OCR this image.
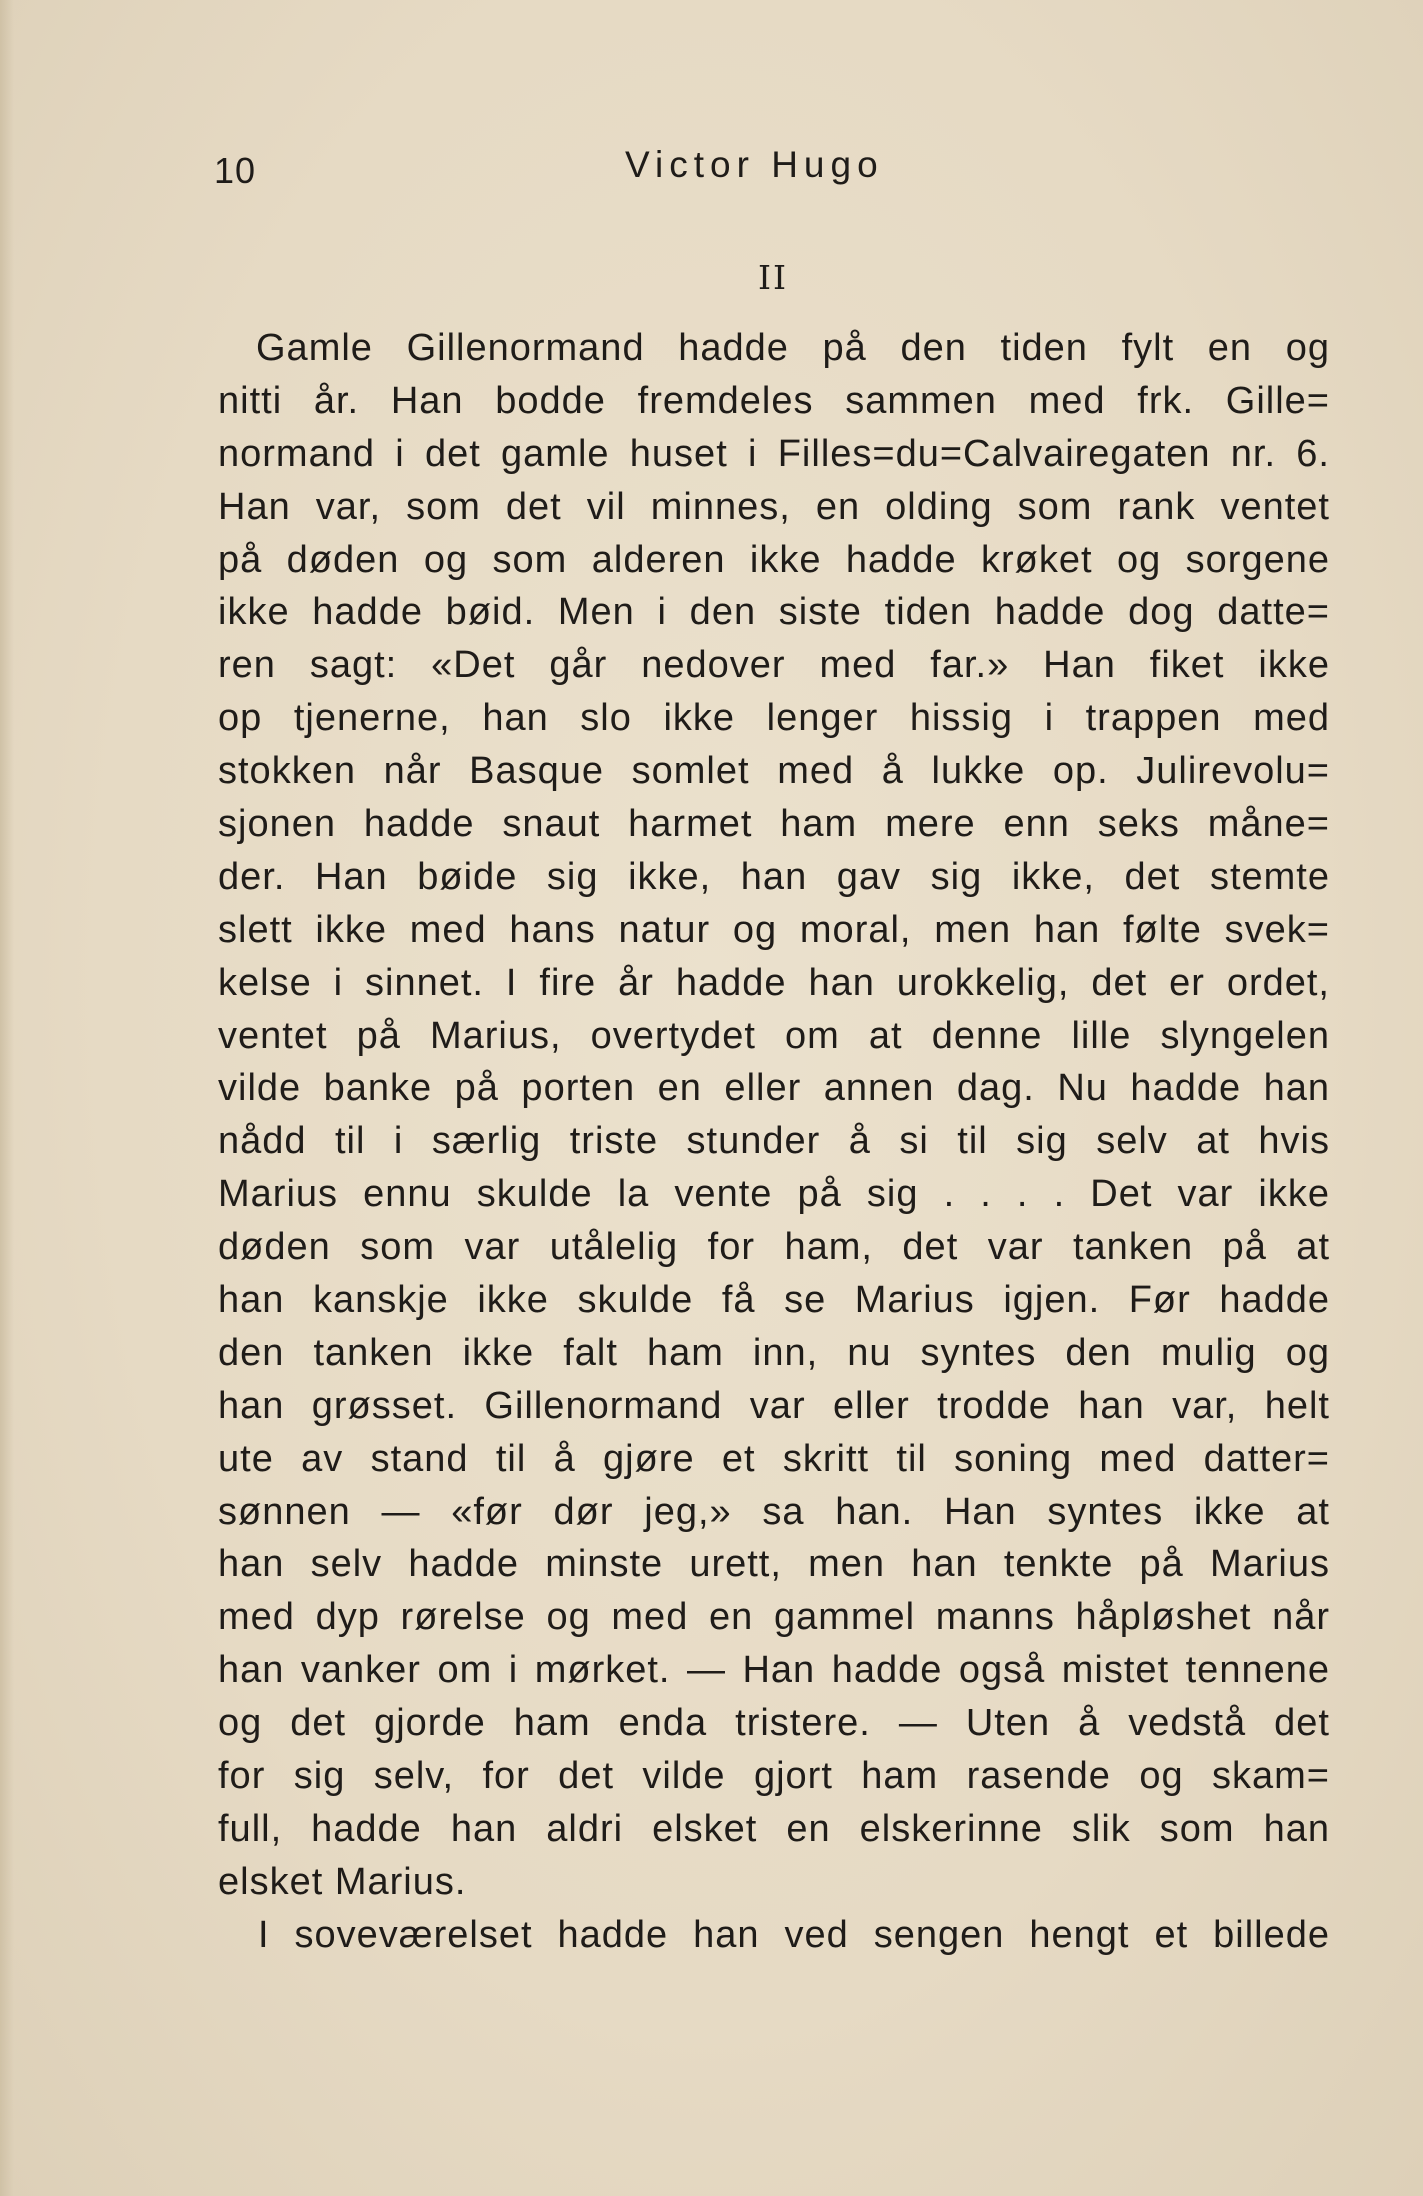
10	Victor Hugo
II
Gamle Gillenormand hadde på den tiden fylt en og
nitti år. Han bodde fremdeles sammen med frk. Gille=
normand i det gamle huset i Filles=du=Calvairegaten nr. 6.
Han var, som det vil minnes, en olding som rank ventet
på døden og som alderen ikke hadde krøket og sorgene
ikke hadde bøid. Men i den siste tiden hadde dog datte=
ren sagt: «Det går nedover med far.» Han fiket ikke
op tjenerne, han slo ikke lenger hissig i trappen med
stokken når Basque somlet med å lukke op. Julirevolu=
sjonen hadde snaut harmet ham mere enn seks måne=
der. Han bøide sig ikke, han gav sig ikke, det stemte
slett ikke med hans natur og moral, men han følte svek=
kelse i sinnet. I fire år hadde han urokkelig, det er ordet,
ventet på Marius, overtydet om at denne lille slyngelen
vilde banke på porten en eller annen dag. Nu hadde han
nådd til i særlig triste stunder å si til sig selv at hvis
Marius ennu skulde la vente på sig . . . . Det var ikke
døden som var utålelig for ham, det var tanken på at
han kanskje ikke skulde få se Marius igjen. Før hadde
den tanken ikke falt ham inn, nu syntes den mulig og
han grøsset. Gillenormand var eller trodde han var, helt
ute av stand til å gjøre et skritt til soning med datter=
sønnen — «før dør jeg,» sa han. Han syntes ikke at
han selv hadde minste urett, men han tenkte på Marius
med dyp rørelse og med en gammel manns håpløshet når
han vanker om i mørket. — Han hadde også mistet tennene
og det gjorde ham enda tristere. — Uten å vedstå det
for sig selv, for det vilde gjort ham rasende og skam=
full, hadde han aldri elsket en elskerinne slik som han
elsket Marius.
I soveværelset hadde han ved sengen hengt et billede
